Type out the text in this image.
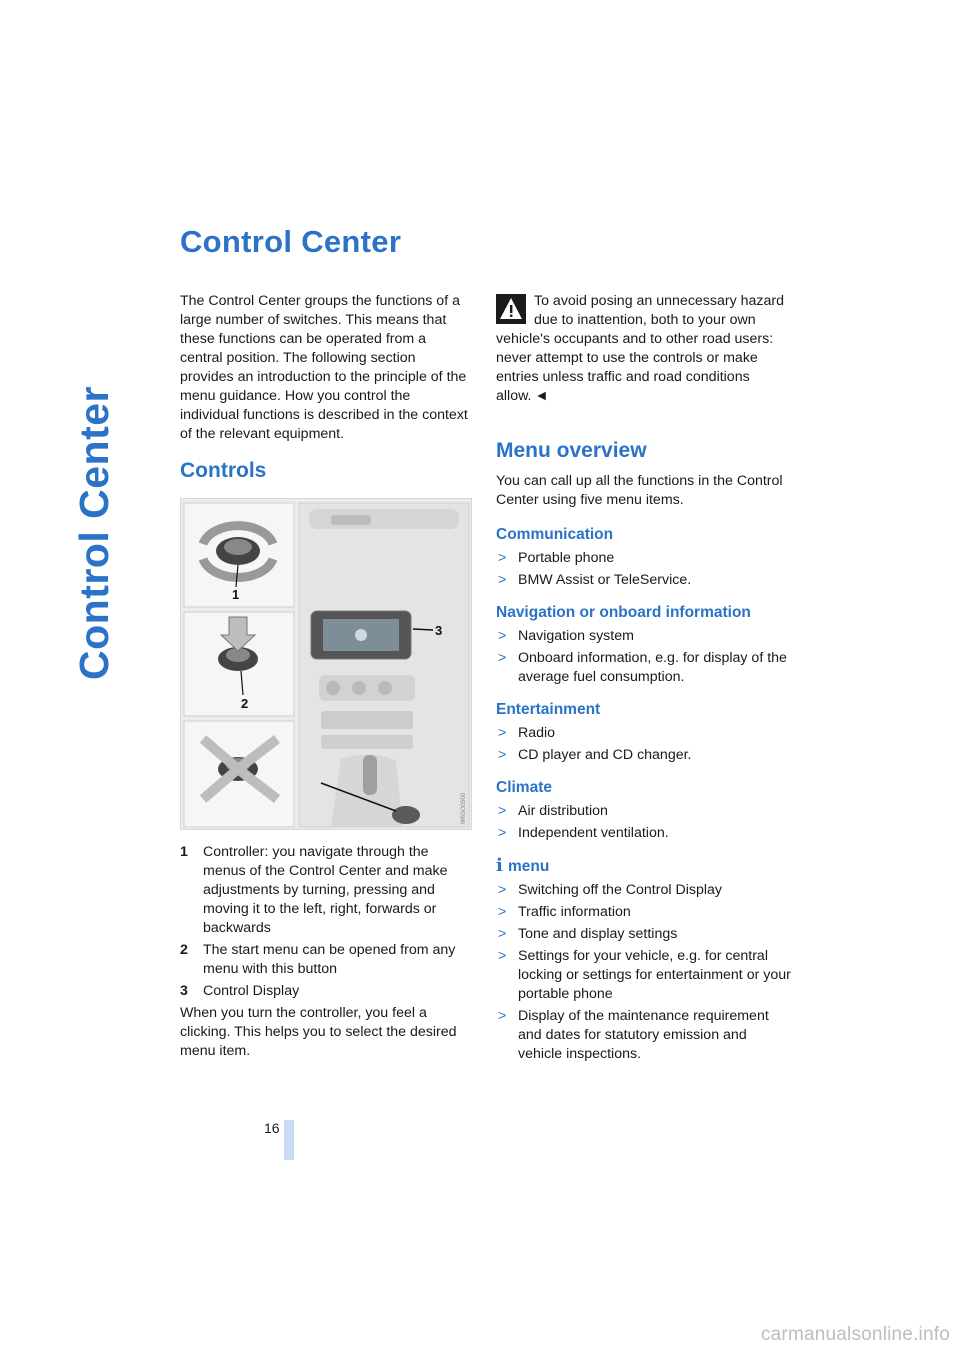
Control Center
Control Center

The Control Center groups the functions of a large number of switches. This means that these functions can be operated from a central position. The following section provides an introduction to the principle of the menu guidance. How you control the individual functions is described in the context of the relevant equipment.

Controls
1
2
3
W6SO0500
1 Controller: you navigate through the menus of the Control Center and make adjustments by turning, pressing and moving it to the left, right, forwards or backwards
2 The start menu can be opened from any menu with this button
3 Control Display

When you turn the controller, you feel a clicking. This helps you to select the desired menu item.

To avoid posing an unnecessary hazard due to inattention, both to your own vehicle's occupants and to other road users: never attempt to use the controls or make entries unless traffic and road conditions allow. ◄
Menu overview

You can call up all the functions in the Control Center using five menu items.

Communication
> Portable phone
> BMW Assist or TeleService.
Navigation or onboard information
> Navigation system
> Onboard information, e.g. for display of the average fuel consumption.
Entertainment
> Radio
> CD player and CD changer.
Climate
> Air distribution
> Independent ventilation.
i menu
> Switching off the Control Display
> Traffic information
> Tone and display settings
> Settings for your vehicle, e.g. for central locking or settings for entertainment or your portable phone
> Display of the maintenance requirement and dates for statutory emission and vehicle inspections.
16
carmanualsonline.info
